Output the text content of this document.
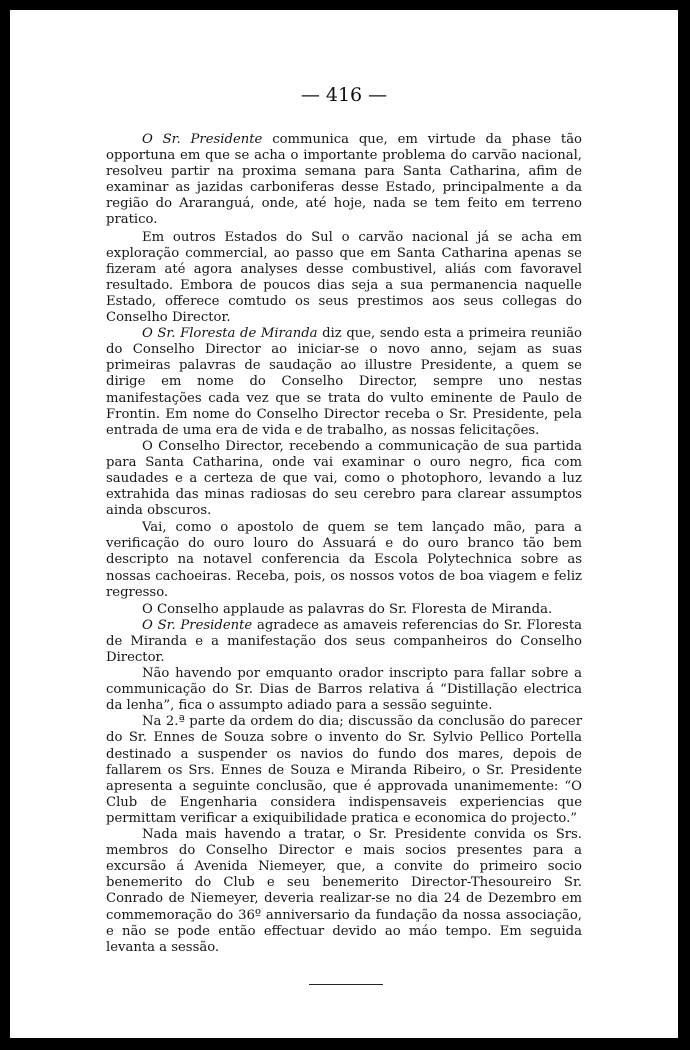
— 416 —

O Sr. Presidente communica que, em virtude da phase tão opportuna em que se acha o importante problema do carvão nacional, resolveu partir na proxima semana para Santa Catharina, afim de examinar as jazidas carboniferas desse Estado, principalmente a da região do Araranguá, onde, até hoje, nada se tem feito em terreno pratico.

Em outros Estados do Sul o carvão nacional já se acha em exploração commercial, ao passo que em Santa Catharina apenas se fizeram até agora analyses desse combustivel, aliás com favoravel resultado. Embora de poucos dias seja a sua permanencia naquelle Estado, offerece comtudo os seus prestimos aos seus collegas do Conselho Director.

O Sr. Floresta de Miranda diz que, sendo esta a primeira reunião do Conselho Director ao iniciar-se o novo anno, sejam as suas primeiras palavras de saudação ao illustre Presidente, a quem se dirige em nome do Conselho Director, sempre uno nestas manifestações cada vez que se trata do vulto eminente de Paulo de Frontin. Em nome do Conselho Director receba o Sr. Presidente, pela entrada de uma era de vida e de trabalho, as nossas felicitações.

O Conselho Director, recebendo a communicação de sua partida para Santa Catharina, onde vai examinar o ouro negro, fica com saudades e a certeza de que vai, como o photophoro, levando a luz extrahida das minas radiosas do seu cerebro para clarear assumptos ainda obscuros.

Vai, como o apostolo de quem se tem lançado mão, para a verificação do ouro louro do Assuará e do ouro branco tão bem descripto na notavel conferencia da Escola Polytechnica sobre as nossas cachoeiras. Receba, pois, os nossos votos de boa viagem e feliz regresso.

O Conselho applaude as palavras do Sr. Floresta de Miranda.

O Sr. Presidente agradece as amaveis referencias do Sr. Floresta de Miranda e a manifestação dos seus companheiros do Conselho Director.

Não havendo por emquanto orador inscripto para fallar sobre a communicação do Sr. Dias de Barros relativa á “Distillação electrica da lenha”, fica o assumpto adiado para a sessão seguinte.

Na 2.ª parte da ordem do dia; discussão da conclusão do parecer do Sr. Ennes de Souza sobre o invento do Sr. Sylvio Pellico Portella destinado a suspender os navios do fundo dos mares, depois de fallarem os Srs. Ennes de Souza e Miranda Ribeiro, o Sr. Presidente apresenta a seguinte conclusão, que é approvada unanimemente: “O Club de Engenharia considera indispensaveis experiencias que permittam verificar a exiquibilidade pratica e economica do projecto.”

Nada mais havendo a tratar, o Sr. Presidente convida os Srs. membros do Conselho Director e mais socios presentes para a excursão á Avenida Niemeyer, que, a convite do primeiro socio benemerito do Club e seu benemerito Director-Thesoureiro Sr. Conrado de Niemeyer, deveria realizar-se no dia 24 de Dezembro em commemoração do 36º anniversario da fundação da nossa associação, e não se pode então effectuar devido ao máo tempo. Em seguida levanta a sessão.
